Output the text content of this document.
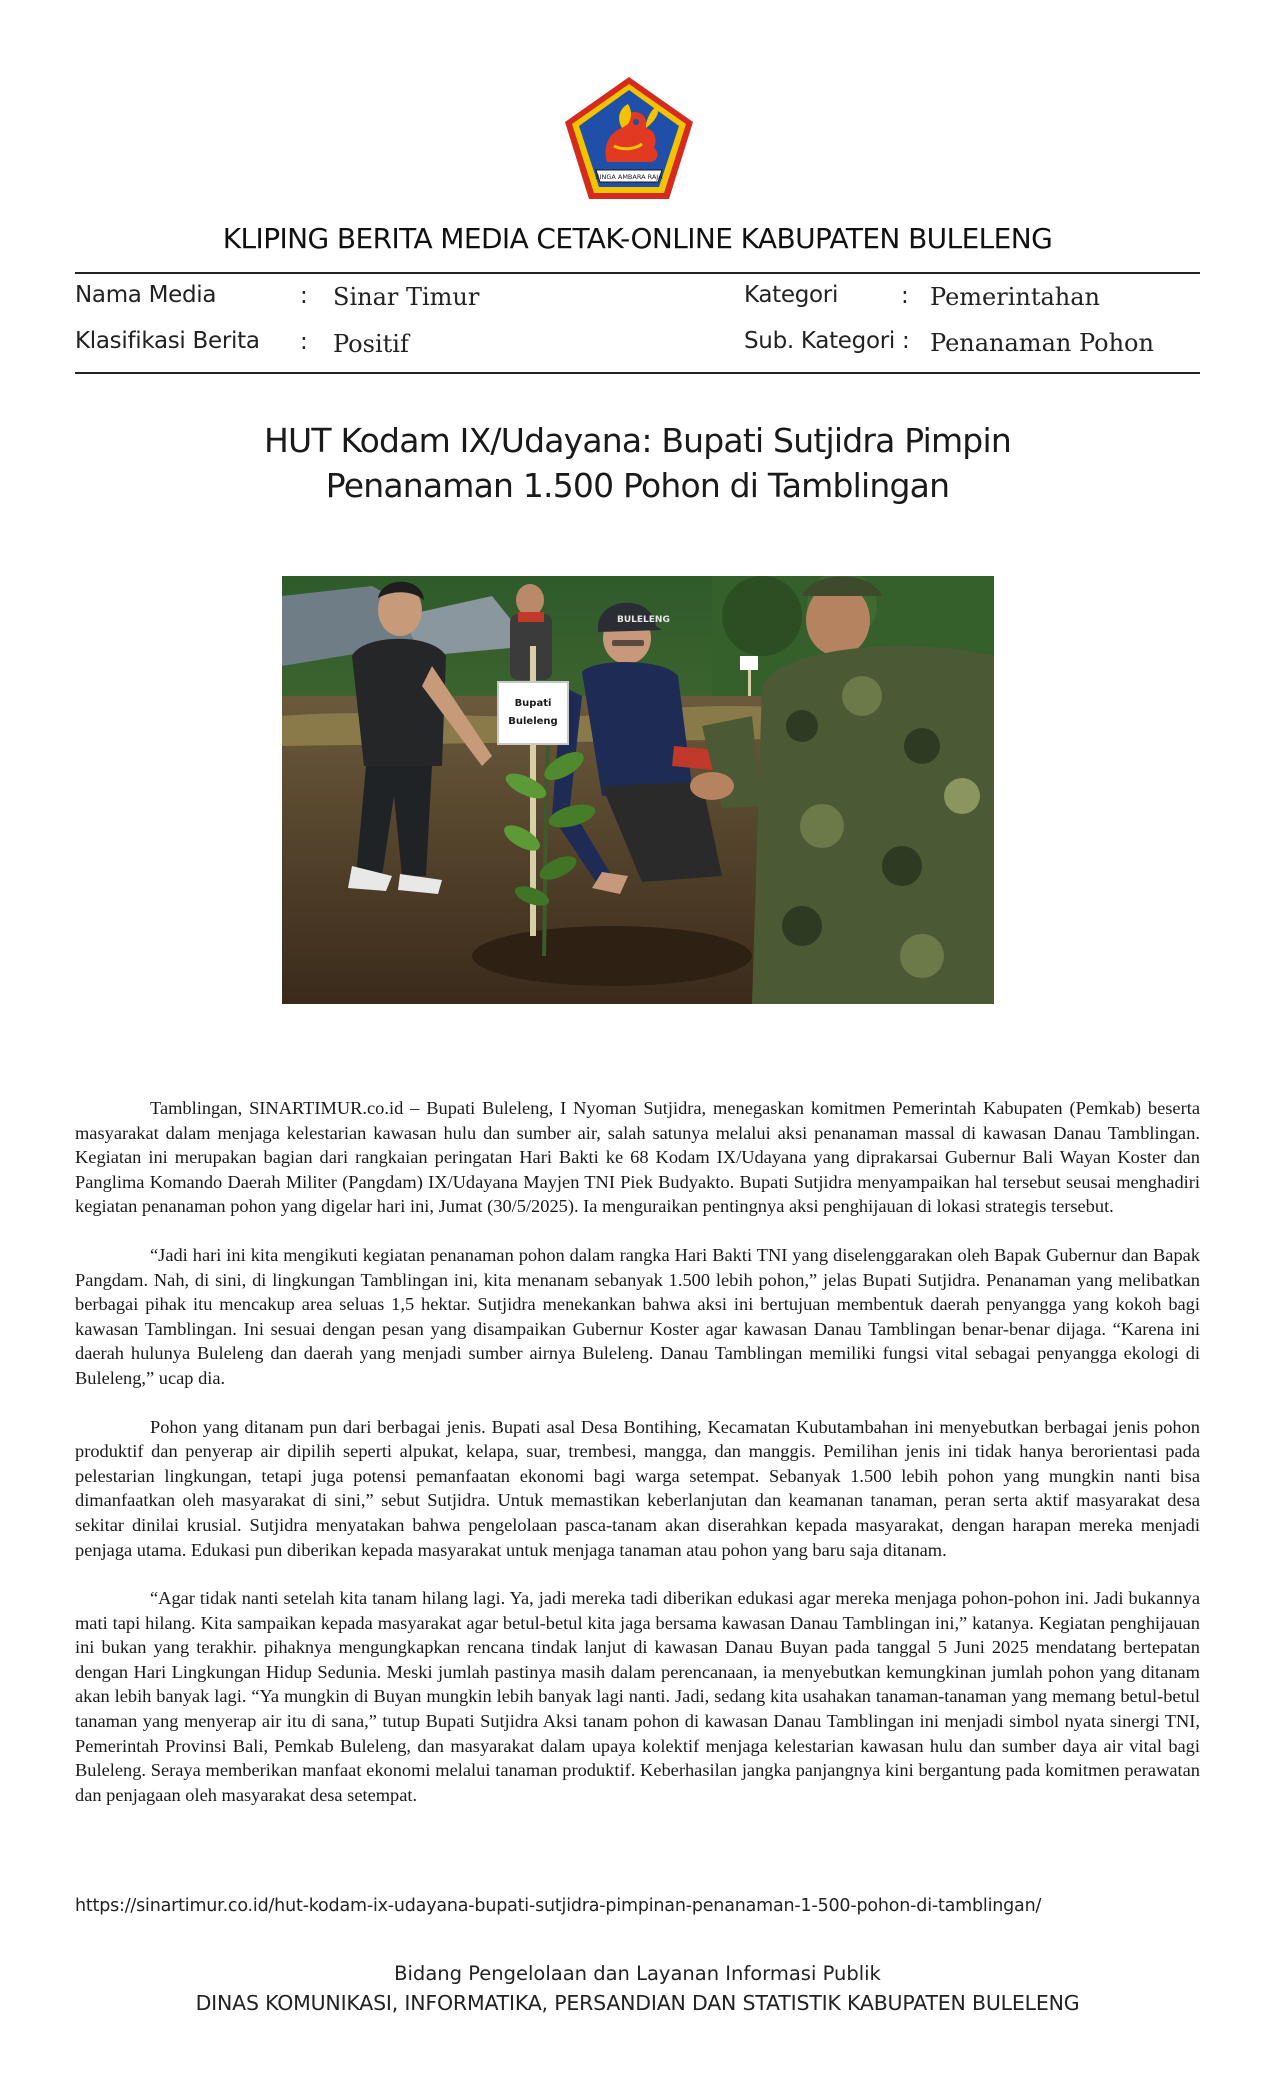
SINGA AMBARA RAJA
KLIPING BERITA MEDIA CETAK-ONLINE KABUPATEN BULELENG
Nama Media	: Sinar Timur
Klasifikasi Berita : Positif
Kategori	: Pemerintahan
Sub. Kategori : Penanaman Pohon
HUT Kodam IX/Udayana: Bupati Sutjidra Pimpin
Penanaman 1.500 Pohon di Tamblingan
BULELENG
Bupati
Buleleng

Tamblingan, SINARTIMUR.co.id – Bupati Buleleng, I Nyoman Sutjidra, menegaskan komitmen Pemerintah Kabupaten (Pemkab) beserta masyarakat dalam menjaga kelestarian kawasan hulu dan sumber air, salah satunya melalui aksi penanaman massal di kawasan Danau Tamblingan. Kegiatan ini merupakan bagian dari rangkaian peringatan Hari Bakti ke 68 Kodam IX/Udayana yang diprakarsai Gubernur Bali Wayan Koster dan Panglima Komando Daerah Militer (Pangdam) IX/Udayana Mayjen TNI Piek Budyakto. Bupati Sutjidra menyampaikan hal tersebut seusai menghadiri kegiatan penanaman pohon yang digelar hari ini, Jumat (30/5/2025). Ia menguraikan pentingnya aksi penghijauan di lokasi strategis tersebut.

“Jadi hari ini kita mengikuti kegiatan penanaman pohon dalam rangka Hari Bakti TNI yang diselenggarakan oleh Bapak Gubernur dan Bapak Pangdam. Nah, di sini, di lingkungan Tamblingan ini, kita menanam sebanyak 1.500 lebih pohon,” jelas Bupati Sutjidra. Penanaman yang melibatkan berbagai pihak itu mencakup area seluas 1,5 hektar. Sutjidra menekankan bahwa aksi ini bertujuan membentuk daerah penyangga yang kokoh bagi kawasan Tamblingan. Ini sesuai dengan pesan yang disampaikan Gubernur Koster agar kawasan Danau Tamblingan benar-benar dijaga. “Karena ini daerah hulunya Buleleng dan daerah yang menjadi sumber airnya Buleleng. Danau Tamblingan memiliki fungsi vital sebagai penyangga ekologi di Buleleng,” ucap dia.

Pohon yang ditanam pun dari berbagai jenis. Bupati asal Desa Bontihing, Kecamatan Kubutambahan ini menyebutkan berbagai jenis pohon produktif dan penyerap air dipilih seperti alpukat, kelapa, suar, trembesi, mangga, dan manggis. Pemilihan jenis ini tidak hanya berorientasi pada pelestarian lingkungan, tetapi juga potensi pemanfaatan ekonomi bagi warga setempat. Sebanyak 1.500 lebih pohon yang mungkin nanti bisa dimanfaatkan oleh masyarakat di sini,” sebut Sutjidra. Untuk memastikan keberlanjutan dan keamanan tanaman, peran serta aktif masyarakat desa sekitar dinilai krusial. Sutjidra menyatakan bahwa pengelolaan pasca-tanam akan diserahkan kepada masyarakat, dengan harapan mereka menjadi penjaga utama. Edukasi pun diberikan kepada masyarakat untuk menjaga tanaman atau pohon yang baru saja ditanam.

“Agar tidak nanti setelah kita tanam hilang lagi. Ya, jadi mereka tadi diberikan edukasi agar mereka menjaga pohon-pohon ini. Jadi bukannya mati tapi hilang. Kita sampaikan kepada masyarakat agar betul-betul kita jaga bersama kawasan Danau Tamblingan ini,” katanya. Kegiatan penghijauan ini bukan yang terakhir. pihaknya mengungkapkan rencana tindak lanjut di kawasan Danau Buyan pada tanggal 5 Juni 2025 mendatang bertepatan dengan Hari Lingkungan Hidup Sedunia. Meski jumlah pastinya masih dalam perencanaan, ia menyebutkan kemungkinan jumlah pohon yang ditanam akan lebih banyak lagi. “Ya mungkin di Buyan mungkin lebih banyak lagi nanti. Jadi, sedang kita usahakan tanaman-tanaman yang memang betul-betul tanaman yang menyerap air itu di sana,” tutup Bupati Sutjidra Aksi tanam pohon di kawasan Danau Tamblingan ini menjadi simbol nyata sinergi TNI, Pemerintah Provinsi Bali, Pemkab Buleleng, dan masyarakat dalam upaya kolektif menjaga kelestarian kawasan hulu dan sumber daya air vital bagi Buleleng. Seraya memberikan manfaat ekonomi melalui tanaman produktif. Keberhasilan jangka panjangnya kini bergantung pada komitmen perawatan dan penjagaan oleh masyarakat desa setempat.

https://sinartimur.co.id/hut-kodam-ix-udayana-bupati-sutjidra-pimpinan-penanaman-1-500-pohon-di-tamblingan/
Bidang Pengelolaan dan Layanan Informasi Publik
DINAS KOMUNIKASI, INFORMATIKA, PERSANDIAN DAN STATISTIK KABUPATEN BULELENG
